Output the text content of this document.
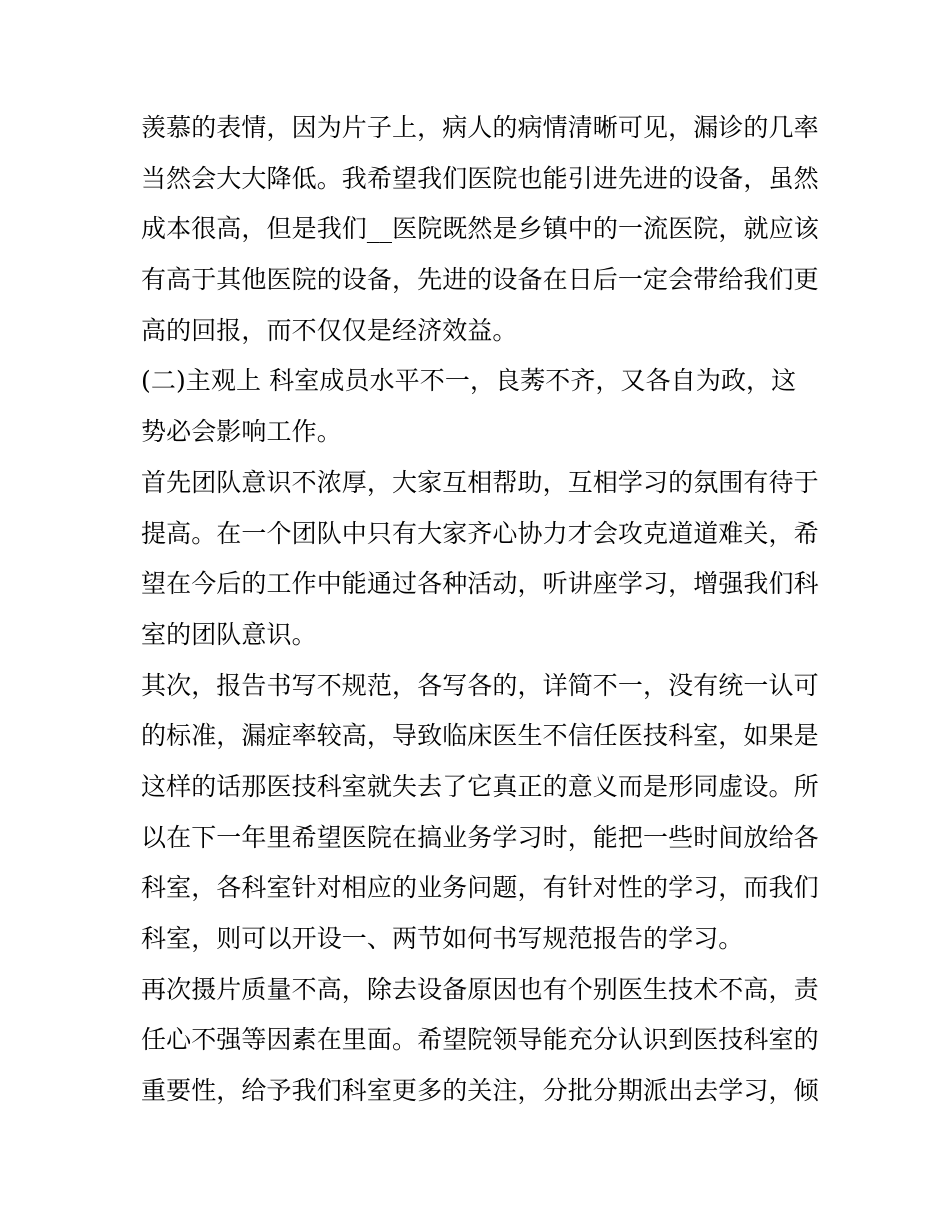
羡慕的表情，因为片子上，病人的病情清晰可见，漏诊的几率
当然会大大降低。我希望我们医院也能引进先进的设备，虽然
成本很高，但是我们__医院既然是乡镇中的一流医院，就应该
有高于其他医院的设备，先进的设备在日后一定会带给我们更
高的回报，而不仅仅是经济效益。
(二)主观上 科室成员水平不一，良莠不齐，又各自为政，这
势必会影响工作。
首先团队意识不浓厚，大家互相帮助，互相学习的氛围有待于
提高。在一个团队中只有大家齐心协力才会攻克道道难关，希
望在今后的工作中能通过各种活动，听讲座学习，增强我们科
室的团队意识。
其次，报告书写不规范，各写各的，详简不一，没有统一认可
的标准，漏症率较高，导致临床医生不信任医技科室，如果是
这样的话那医技科室就失去了它真正的意义而是形同虚设。所
以在下一年里希望医院在搞业务学习时，能把一些时间放给各
科室，各科室针对相应的业务问题，有针对性的学习，而我们
科室，则可以开设一、两节如何书写规范报告的学习。
再次摄片质量不高，除去设备原因也有个别医生技术不高，责
任心不强等因素在里面。希望院领导能充分认识到医技科室的
重要性，给予我们科室更多的关注，分批分期派出去学习，倾
